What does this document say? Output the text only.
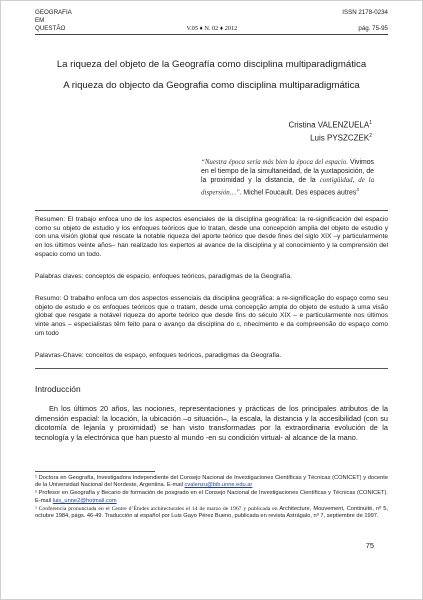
GEOGRAFIA	ISSN 2178-0234
EM
QUESTÃO	V.05 ♦ N. 02 ♦ 2012	pág. 75-95
La riqueza del objeto de la Geografía como disciplina multiparadigmática
A riqueza do objecto da Geografia como disciplina multiparadigmática
Cristina VALENZUELA$^1$
Luis PYSZCZEK$^2$
“Nuestra época sería más bien la época del espacio. Vivimos en el tiempo de la simultaneidad, de la yuxtaposición, de la proximidad y la distancia, de la contigüidad, de la dispersión…”. Michel Foucault. Des espaces autres$^3$
Resumen: El trabajo enfoca uno de los aspectos esenciales de la disciplina geográfica: la re-significación del espacio como su objeto de estudio y los enfoques teóricos que lo tratan, desde una concepción amplia del objeto de estudio y con una visión global que rescate la notable riqueza del aporte teórico que desde fines del siglo XIX –y particularmente en los últimos veinte años– han realizado los expertos al avance de la disciplina y al conocimiento y la comprensión del espacio como un todo.
Palabras claves: conceptos de espacio, enfoques teóricos, paradigmas de la Geografía.
Resumo: O trabalho enfoca um dos aspectos essenciais da disciplina geográfica: a re-significação do espaço como seu objeto de estudo e os enfoques teóricos que o tratam, desde uma concepção ampla do objeto de estudo à uma visão global que resgate a notável riqueza do aporte teórico que desde fins do século XIX – e particularmente nos últimos vinte anos – especialistas têm feito para o avanço da disciplina do c, nhecimento e da compreensão do espaço como um todo
Palavras-Chave: conceitos de espaço, enfoques teóricos, paradigmas da Geografia.
Introducción
En los últimos 20 años, las nociones, representaciones y prácticas de los principales atributos de la dimensión espacial: la locación, la ubicación –o situación–, la escala, la distancia y la accesibilidad (con su dicotomía de lejanía y proximidad) se han visto transformadas por la extraordinaria evolución de la tecnología y la electrónica que han puesto al mundo -en su condición virtual- al alcance de la mano.
¹ Doctora en Geografía, Investigadora Independiente del Consejo Nacional de Investigaciones Científicas y Técnicas (CONICET) y docente de la Universidad Nacional del Nordeste, Argentina. E-mail cvalenzu@bib.unne.edu.ar
² Profesor en Geografía y Becario de formación de posgrado en el Consejo Nacional de Investigaciones Científicas y Técnicas (CONICET). E-mail luis_unne2@hotmail.com
³ Conferencia pronunciada en el Centre d’Études architecturales el 14 de marzo de 1967 y publicada en Architecture, Mouvement, Continuité, nº 5, octubre 1984, págs. 46-49. Traducción al español por Luis Gayo Pérez Bueno, publicada en revista Astrágalo, nº 7, septiembre de 1997.
75
